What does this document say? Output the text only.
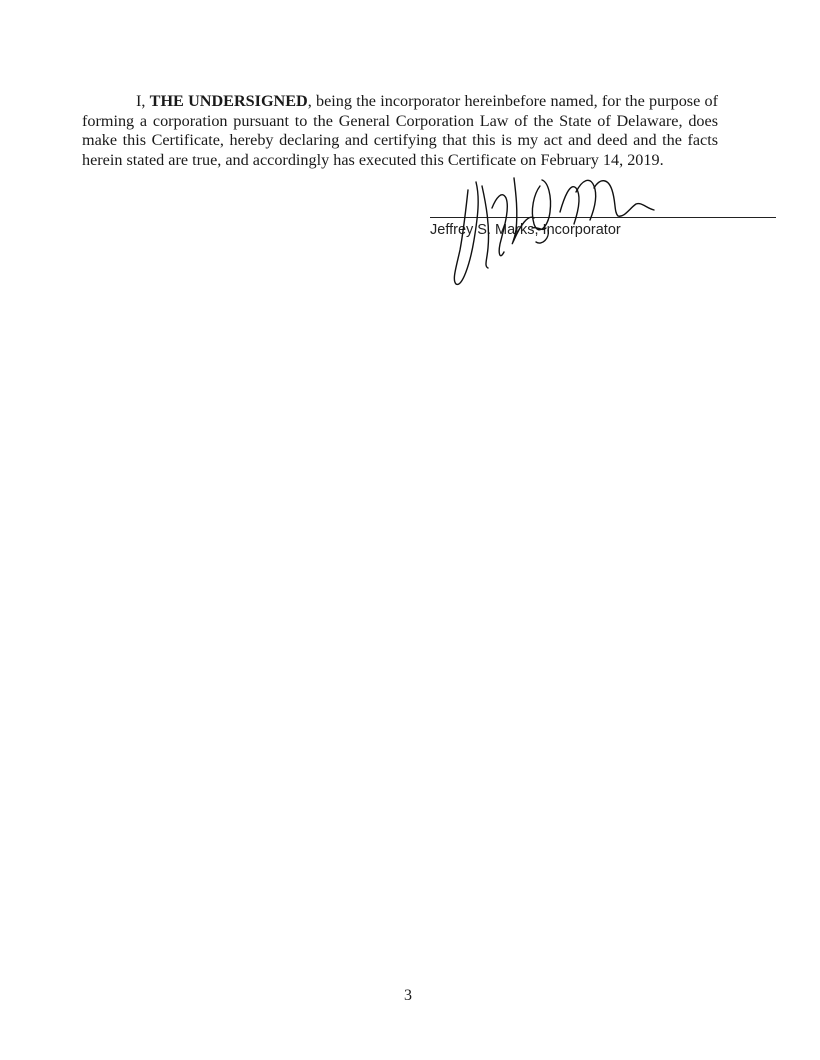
I, THE UNDERSIGNED, being the incorporator hereinbefore named, for the purpose of forming a corporation pursuant to the General Corporation Law of the State of Delaware, does make this Certificate, hereby declaring and certifying that this is my act and deed and the facts herein stated are true, and accordingly has executed this Certificate on February 14, 2019.

Jeffrey S. Marks, Incorporator
3
